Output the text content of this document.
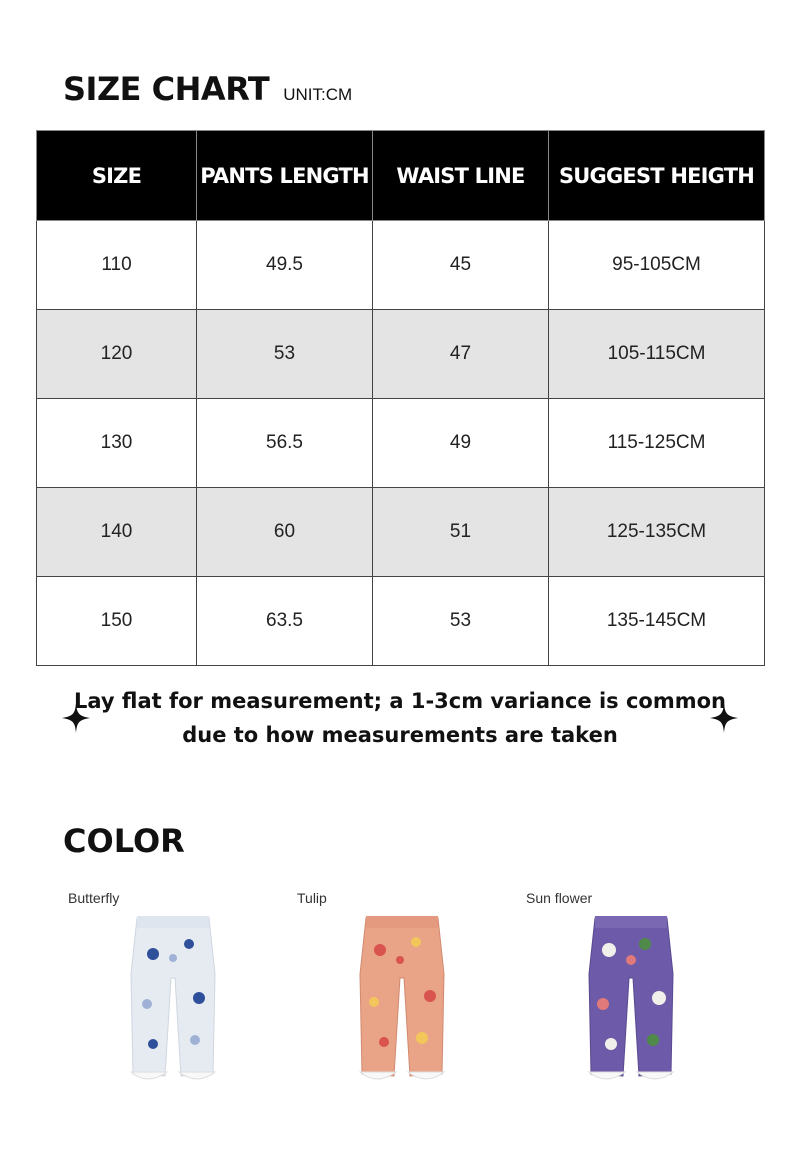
SIZE CHART UNIT:CM
SIZE	PANTS LENGTH	WAIST LINE	SUGGEST HEIGTH
110	49.5	45	95-105CM
120	53	47	105-115CM
130	56.5	49	115-125CM
140	60	51	125-135CM
150	63.5	53	135-145CM
Lay flat for measurement; a 1-3cm variance is common
due to how measurements are taken
COLOR
Butterfly	Tulip	Sun flower
